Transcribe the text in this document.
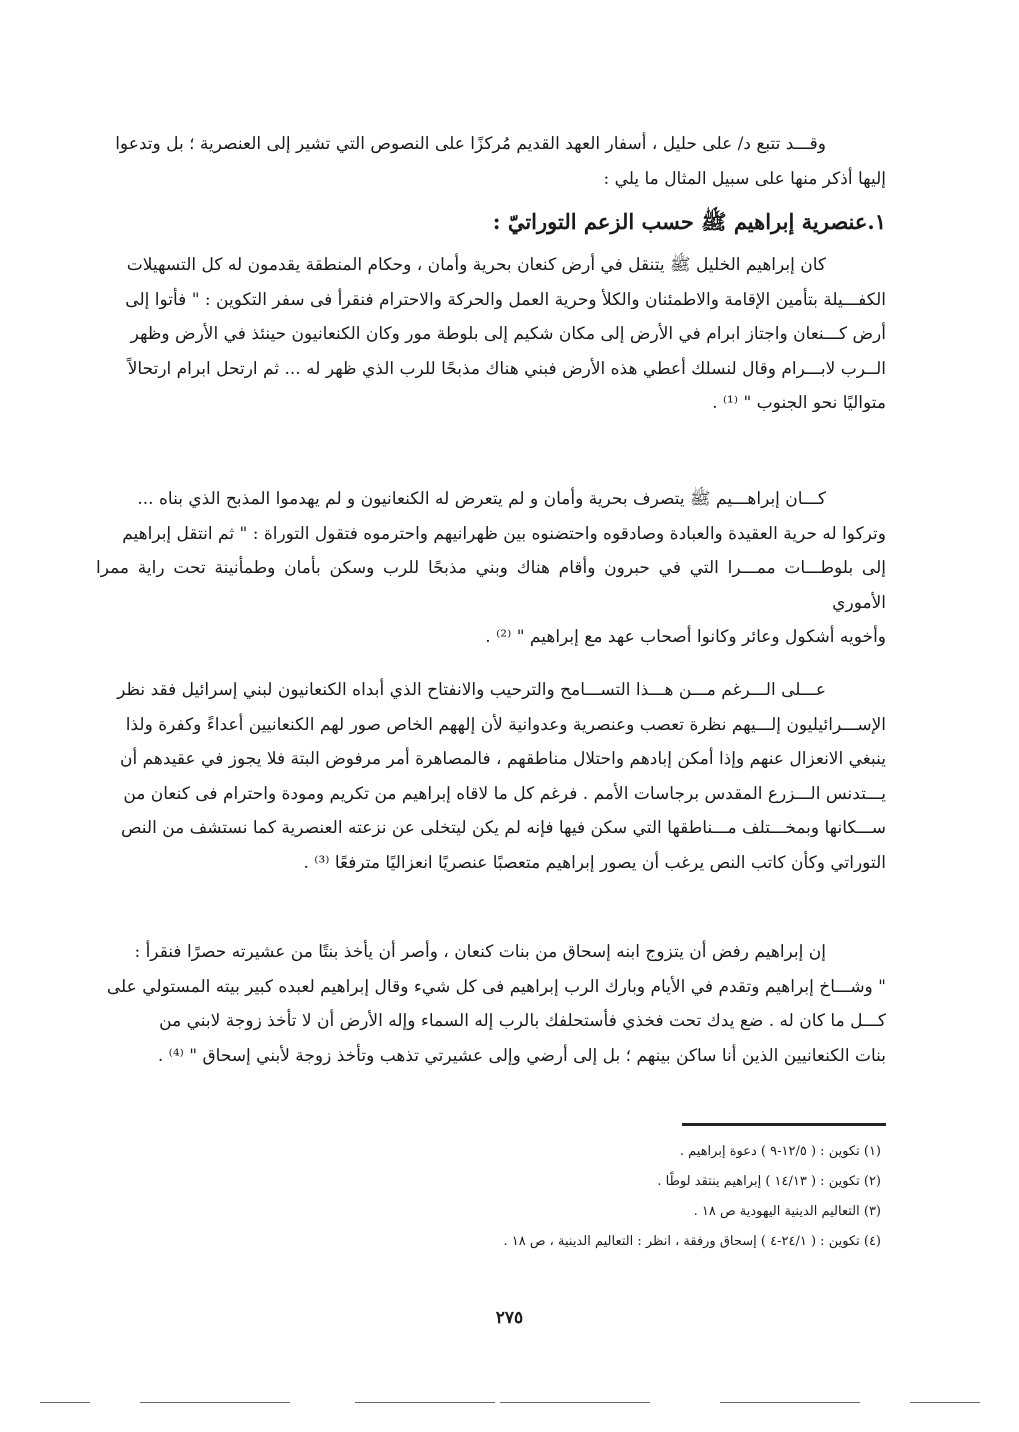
وقـــد تتبع د/ على حليل ، أسفار العهد القديم مُركزًا على النصوص التي تشير إلى العنصرية ؛ بل وتدعوا

إليها أذكر منها على سبيل المثال ما يلي :

١.عنصرية إبراهيم ﷺ حسب الزعم التوراتيّ :

كان إبراهيم الخليل ﷺ يتنقل في أرض كنعان بحرية وأمان ، وحكام المنطقة يقدمون له كل التسهيلات

الكفـــيلة بتأمين الإقامة والاطمئنان والكلأ وحرية العمل والحركة والاحترام فنقرأ فى سفر التكوين : " فأتوا إلى

أرض كـــنعان واجتاز ابرام في الأرض إلى مكان شكيم إلى بلوطة مور وكان الكنعانيون حينئذ في الأرض وظهر

الــرب لابـــرام وقال لنسلك أعطي هذه الأرض فبني هناك مذبحًا للرب الذي ظهر له ... ثم ارتحل ابرام ارتحالاً

متواليًا نحو الجنوب " ⁽¹⁾ .

كـــان إبراهـــيم ﷺ يتصرف بحرية وأمان و لم يتعرض له الكنعانيون و لم يهدموا المذبح الذي بناه ...

وتركوا له حرية العقيدة والعبادة وصادقوه واحتضنوه بين ظهرانيهم واحترموه فتقول التوراة : " ثم انتقل إبراهيم

إلى بلوطـــات ممـــرا التي في حبرون وأقام هناك وبني مذبحًا للرب وسكن بأمان وطمأنينة تحت راية ممرا الأموري

وأخويه أشكول وعائر وكانوا أصحاب عهد مع إبراهيم " ⁽²⁾ .

عـــلى الـــرغم مـــن هـــذا التســـامح والترحيب والانفتاح الذي أبداه الكنعانيون لبني إسرائيل فقد نظر

الإســـرائيليون إلـــيهم نظرة تعصب وعنصرية وعدوانية لأن إلههم الخاص صور لهم الكنعانيين أعداءً وكفرة ولذا

ينبغي الانعزال عنهم وإذا أمكن إبادهم واحتلال مناطقهم ، فالمصاهرة أمر مرفوض البتة فلا يجوز في عقيدهم أن

يـــتدنس الـــزرع المقدس برجاسات الأمم . فرغم كل ما لاقاه إبراهيم من تكريم ومودة واحترام فى كنعان من

ســـكانها وبمخـــتلف مـــناطقها التي سكن فيها فإنه لم يكن ليتخلى عن نزعته العنصرية كما نستشف من النص

التوراتي وكأن كاتب النص يرغب أن يصور إبراهيم متعصبًا عنصريًا انعزاليًا مترفعًا ⁽³⁾ .

إن إبراهيم رفض أن يتزوج ابنه إسحاق من بنات كنعان ، وأصر أن يأخذ بنتًا من عشيرته حصرًا فنقرأ :

" وشـــاخ إبراهيم وتقدم في الأيام وبارك الرب إبراهيم فى كل شيء وقال إبراهيم لعبده كبير بيته المستولي على

كـــل ما كان له . ضع يدك تحت فخذي فأستحلفك بالرب إله السماء وإله الأرض أن لا تأخذ زوجة لابني من

بنات الكنعانيين الذين أنا ساكن بينهم ؛ بل إلى أرضي وإلى عشيرتي تذهب وتأخذ زوجة لأبني إسحاق " ⁽⁴⁾ .

(١) تكوين : ( ١٢/٥-٩ ) دعوة إبراهيم .
(٢) تكوين : ( ١٤/١٣ ) إبراهيم ينتقد لوطًا .
(٣) التعاليم الدينية اليهودية ص ١٨ .
(٤) تكوين : ( ٢٤/١-٤ ) إسحاق ورفقة ، انظر : التعاليم الدينية ، ص ١٨ .
٢٧٥
